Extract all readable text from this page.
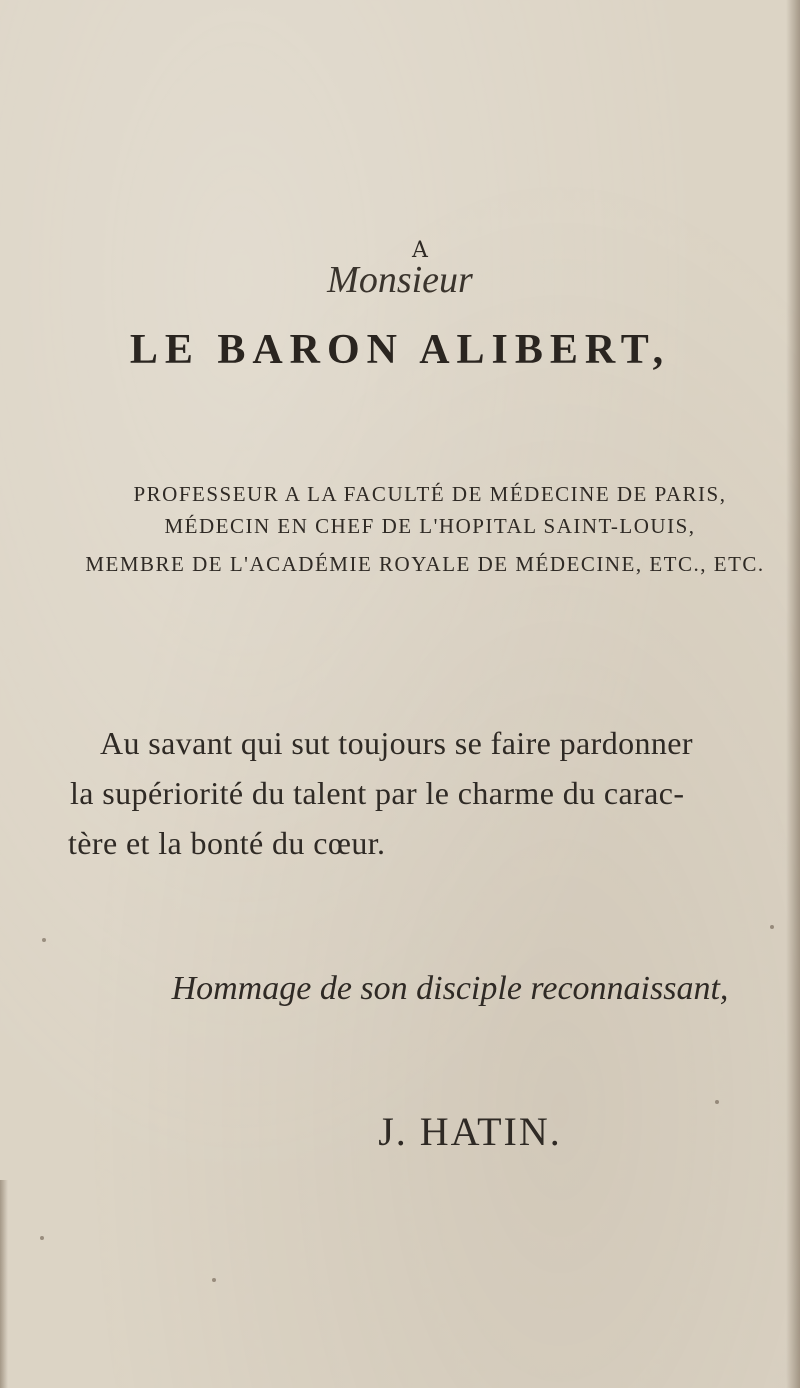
A
Monsieur
LE BARON ALIBERT,
PROFESSEUR A LA FACULTÉ DE MÉDECINE DE PARIS,
MÉDECIN EN CHEF DE L'HOPITAL SAINT-LOUIS,
MEMBRE DE L'ACADÉMIE ROYALE DE MÉDECINE, ETC., ETC.
Au savant qui sut toujours se faire pardonner
la supériorité du talent par le charme du carac-
tère et la bonté du cœur.
Hommage de son disciple reconnaissant,
J. HATIN.
